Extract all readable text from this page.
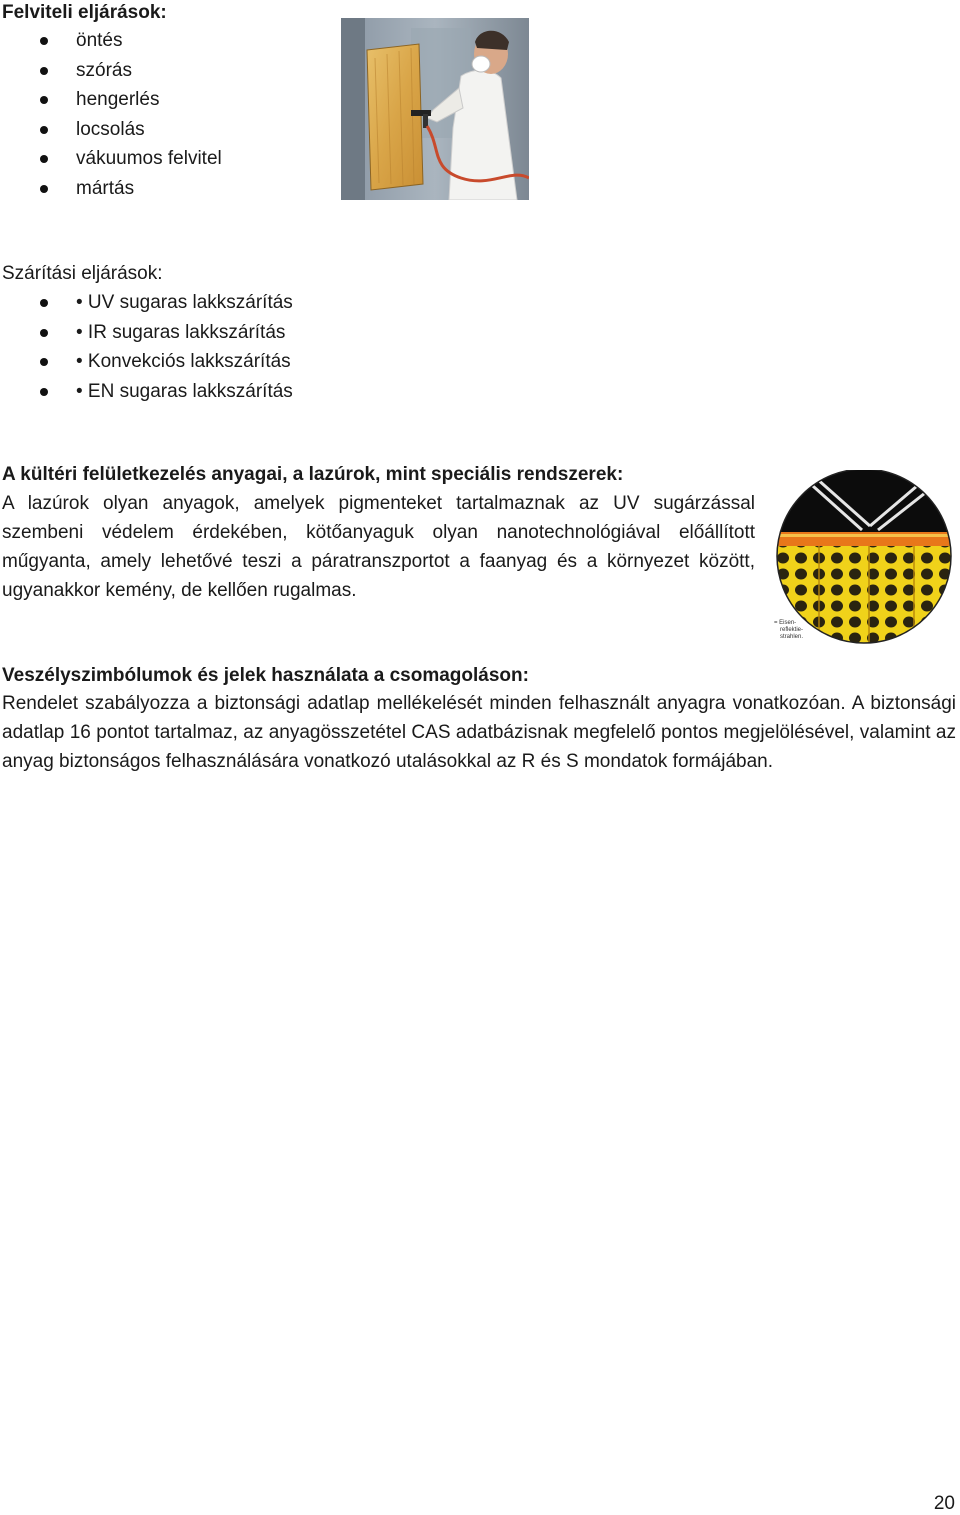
Felviteli eljárások:
öntés
szórás
hengerlés
locsolás
vákuumos felvitel
mártás
Szárítási eljárások:
• UV sugaras lakkszárítás
• IR sugaras lakkszárítás
• Konvekciós lakkszárítás
• EN sugaras lakkszárítás
A kültéri felületkezelés anyagai, a lazúrok, mint speciális rendszerek:
A lazúrok olyan anyagok, amelyek pigmenteket tartalmaznak az UV sugárzással szembeni védelem érdekében, kötőanyaguk olyan nanotechnológiával előállított műgyanta, amely lehetővé teszi a páratranszportot a faanyag és a környezet között, ugyanakkor kemény, de kellően rugalmas.
= Eisen- reflektie- strahlen.
Veszélyszimbólumok és jelek használata a csomagoláson:
Rendelet szabályozza a biztonsági adatlap mellékelését minden felhasznált anyagra vonatkozóan. A biztonsági adatlap 16 pontot tartalmaz, az anyagösszetétel CAS adatbázisnak megfelelő pontos megjelölésével, valamint az anyag biztonságos felhasználására vonatkozó utalásokkal az R és S mondatok formájában.
20
